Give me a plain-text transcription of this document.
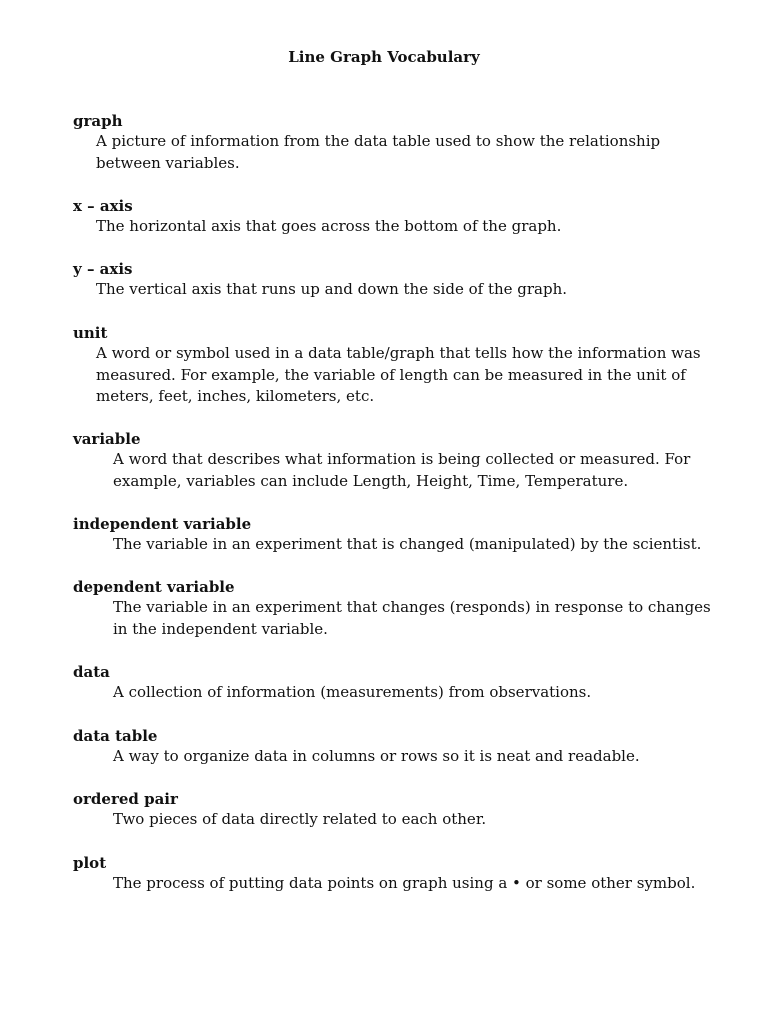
Line Graph Vocabulary
graph
A picture of information from the data table used to show the relationship
between variables.
x – axis
The horizontal axis that goes across the bottom of the graph.
y – axis
The vertical axis that runs up and down the side of the graph.
unit
A word or symbol used in a data table/graph that tells how the information was
measured. For example, the variable of length can be measured in the unit of
meters, feet, inches, kilometers, etc.
variable
A word that describes what information is being collected or measured. For
example, variables can include Length, Height, Time, Temperature.
independent variable
The variable in an experiment that is changed (manipulated) by the scientist.
dependent variable
The variable in an experiment that changes (responds) in response to changes
in the independent variable.
data
A collection of information (measurements) from observations.
data table
A way to organize data in columns or rows so it is neat and readable.
ordered pair
Two pieces of data directly related to each other.
plot
The process of putting data points on graph using a • or some other symbol.
